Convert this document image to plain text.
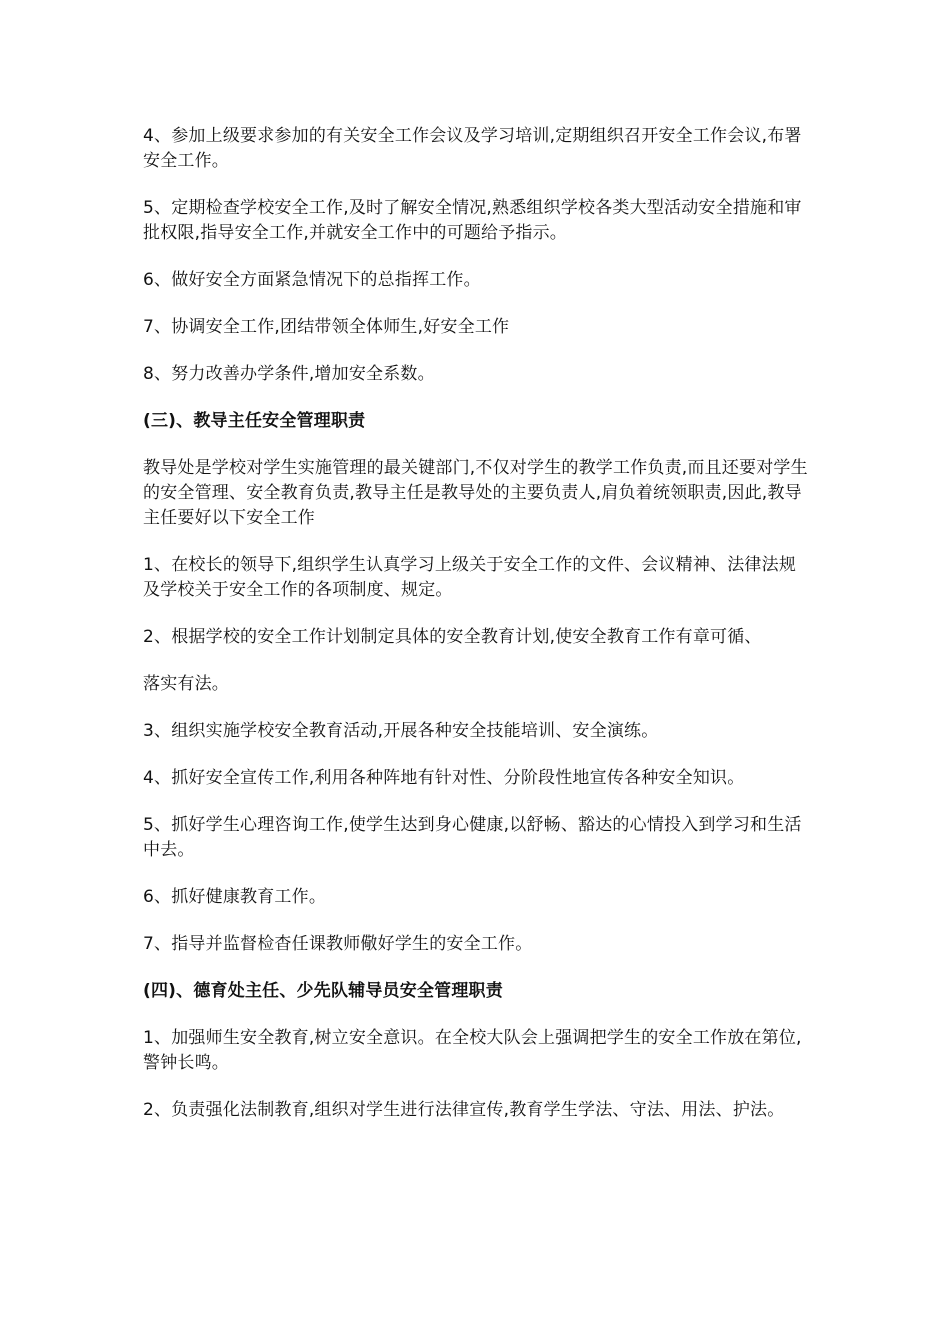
4、参加上级要求参加的有关安全工作会议及学习培训,定期组织召开安全工作会议,布署安全工作。

5、定期检查学校安全工作,及时了解安全情况,熟悉组织学校各类大型活动安全措施和审批权限,指导安全工作,并就安全工作中的可题给予指示。

6、做好安全方面紧急情况下的总指挥工作。

7、协调安全工作,团结带领全体师生,好安全工作

8、努力改善办学条件,增加安全系数。

(三)、教导主任安全管理职责

教导处是学校对学生实施管理的最关键部门,不仅对学生的教学工作负责,而且还要对学生的安全管理、安全教育负责,教导主任是教导处的主要负责人,肩负着统领职责,因此,教导主任要好以下安全工作

1、在校长的领导下,组织学生认真学习上级关于安全工作的文件、会议精神、法律法规及学校关于安全工作的各项制度、规定。

2、根据学校的安全工作计划制定具体的安全教育计划,使安全教育工作有章可循、

落实有法。

3、组织实施学校安全教育活动,开展各种安全技能培训、安全演练。

4、抓好安全宣传工作,利用各种阵地有针对性、分阶段性地宣传各种安全知识。

5、抓好学生心理咨询工作,使学生达到身心健康,以舒畅、豁达的心情投入到学习和生活中去。

6、抓好健康教育工作。

7、指导并监督检杳任课教师儆好学生的安全工作。

(四)、德育处主任、少先队辅导员安全管理职责

1、加强师生安全教育,树立安全意识。在全校大队会上强调把学生的安全工作放在第位,警钟长鸣。

2、负责强化法制教育,组织对学生进行法律宣传,教育学生学法、守法、用法、护法。
